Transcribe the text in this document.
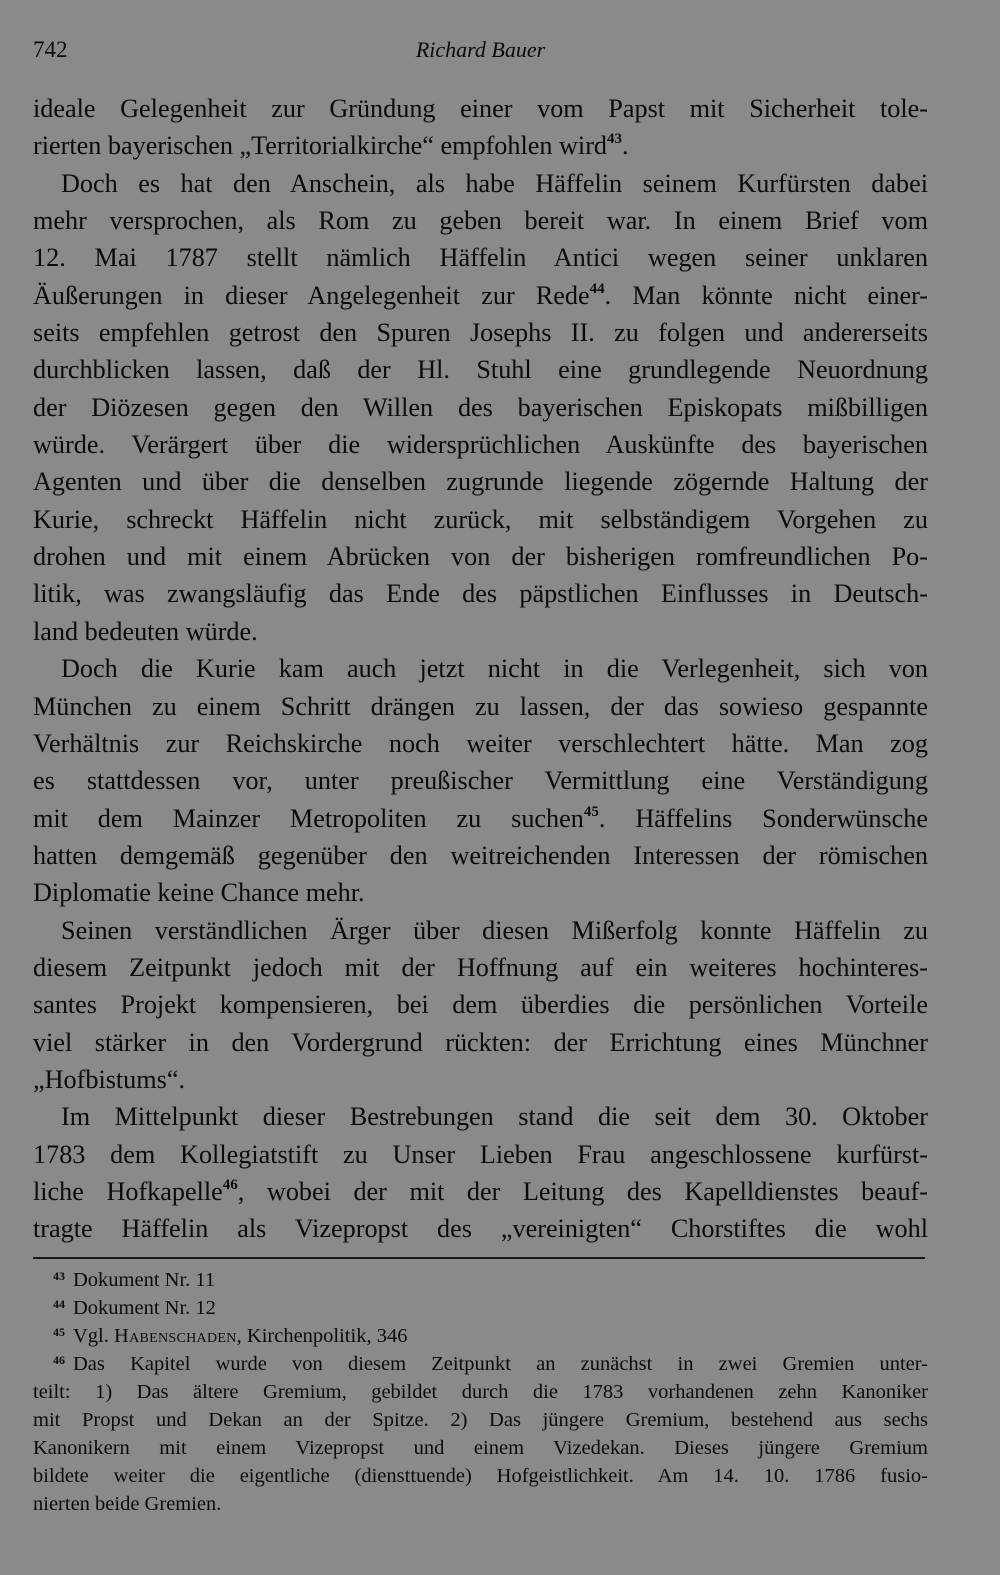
742	Richard Bauer
ideale Gelegenheit zur Gründung einer vom Papst mit Sicherheit tole-
rierten bayerischen „Territorialkirche“ empfohlen wird$^{43}$.
Doch es hat den Anschein, als habe Häffelin seinem Kurfürsten dabei
mehr versprochen, als Rom zu geben bereit war. In einem Brief vom
12. Mai 1787 stellt nämlich Häffelin Antici wegen seiner unklaren
Äußerungen in dieser Angelegenheit zur Rede$^{44}$. Man könnte nicht einer-
seits empfehlen getrost den Spuren Josephs II. zu folgen und andererseits
durchblicken lassen, daß der Hl. Stuhl eine grundlegende Neuordnung
der Diözesen gegen den Willen des bayerischen Episkopats mißbilligen
würde. Verärgert über die widersprüchlichen Auskünfte des bayerischen
Agenten und über die denselben zugrunde liegende zögernde Haltung der
Kurie, schreckt Häffelin nicht zurück, mit selbständigem Vorgehen zu
drohen und mit einem Abrücken von der bisherigen romfreundlichen Po-
litik, was zwangsläufig das Ende des päpstlichen Einflusses in Deutsch-
land bedeuten würde.
Doch die Kurie kam auch jetzt nicht in die Verlegenheit, sich von
München zu einem Schritt drängen zu lassen, der das sowieso gespannte
Verhältnis zur Reichskirche noch weiter verschlechtert hätte. Man zog
es stattdessen vor, unter preußischer Vermittlung eine Verständigung
mit dem Mainzer Metropoliten zu suchen$^{45}$. Häffelins Sonderwünsche
hatten demgemäß gegenüber den weitreichenden Interessen der römischen
Diplomatie keine Chance mehr.
Seinen verständlichen Ärger über diesen Mißerfolg konnte Häffelin zu
diesem Zeitpunkt jedoch mit der Hoffnung auf ein weiteres hochinteres-
santes Projekt kompensieren, bei dem überdies die persönlichen Vorteile
viel stärker in den Vordergrund rückten: der Errichtung eines Münchner
„Hofbistums“.
Im Mittelpunkt dieser Bestrebungen stand die seit dem 30. Oktober
1783 dem Kollegiatstift zu Unser Lieben Frau angeschlossene kurfürst-
liche Hofkapelle$^{46}$, wobei der mit der Leitung des Kapelldienstes beauf-
tragte Häffelin als Vizepropst des „vereinigten“ Chorstiftes die wohl
$^{43}$ Dokument Nr. 11
$^{44}$ Dokument Nr. 12
$^{45}$ Vgl. Habenschaden, Kirchenpolitik, 346
$^{46}$ Das Kapitel wurde von diesem Zeitpunkt an zunächst in zwei Gremien unter-
teilt: 1) Das ältere Gremium, gebildet durch die 1783 vorhandenen zehn Kanoniker
mit Propst und Dekan an der Spitze. 2) Das jüngere Gremium, bestehend aus sechs
Kanonikern mit einem Vizepropst und einem Vizedekan. Dieses jüngere Gremium
bildete weiter die eigentliche (diensttuende) Hofgeistlichkeit. Am 14. 10. 1786 fusio-
nierten beide Gremien.
